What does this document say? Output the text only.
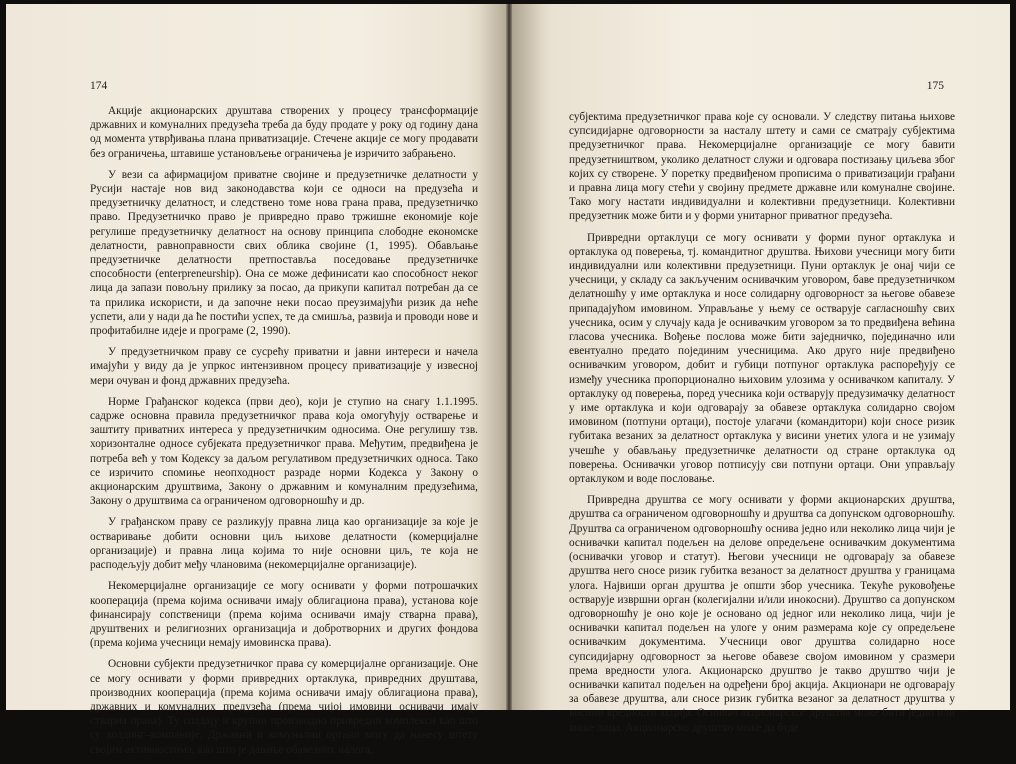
174

Акције акционарских друштава створених у процесу трансформације државних и комуналних предузећа треба да буду продате у року од годину дана од момента утврђивања плана приватизације. Стечене акције се могу продавати без ограничења, штавише установљење ограничења је изричито забрањено.

У вези са афирмацијом приватне својине и предузетничке делатности у Русији настаје нов вид законодавства који се односи на предузећа и предузетничку делатност, и следствено томе нова грана права, предузетничко право. Предузетничко право је привредно право тржишне економије које регулише предузетничку делатност на основу принципа слободне економске делатности, равноправности свих облика својине (1, 1995). Обављање предузетничке делатности претпоставља поседовање предузетничке способности (enterpreneurship). Она се може дефинисати као способност неког лица да запази повољну прилику за посао, да прикупи капитал потребан да се та прилика искористи, и да започне неки посао преузимајући ризик да неће успети, али у нади да ће постићи успех, те да смишља, развија и проводи нове и профитабилне идеје и програме (2, 1990).

У предузетничком праву се сусрећу приватни и јавни интереси и начела имајући у виду да је упркос интензивном процесу приватизације у извесној мери очуван и фонд државних предузећа.

Норме Грађанског кодекса (први део), који је ступио на снагу 1.1.1995. садрже основна правила предузетничког права која омогућују остварење и заштиту приватних интереса у предузетничким односима. Оне регулишу тзв. хоризонталне односе субјеката предузетничког права. Међутим, предвиђена је потреба већ у том Кодексу за даљом регулативом предузетничких односа. Тако се изричито спомиње неопходност разраде норми Кодекса у Закону о акционарским друштвима, Закону о државним и комуналним предузећима, Закону о друштвима са ограниченом одговорношћу и др.

У грађанском праву се разликују правна лица као организације за које је остваривање добити основни циљ њихове делатности (комерцијалне организације) и правна лица којима то није основни циљ, те која не расподељују добит међу члановима (некомерцијалне организације).

Некомерцијалне организације се могу оснивати у форми потрошачких кооперација (према којима оснивачи имају облигациона права), установа које финансирају сопственици (према којима оснивачи имају стварна права), друштвених и религиозних организација и добротворних и других фондова (према којима учесници немају имовинска права).

Основни субјекти предузетничког права су комерцијалне организације. Оне се могу оснивати у форми привредних ортаклука, привредних друштава, производних кооперација (према којима оснивачи имају облигациона права), државних и комуналних предузећа (према чијој имовини оснивачи имају стварна права). Ту спадају и крупни производно привредни комплекси као што су холдинг–компаније. Државни и комунални органи могу да нанесу штету својим активностима, као што је давање обавезних налога,

175

субјектима предузетничког права које су основали. У следству питања њихове супсидијарне одговорности за насталу штету и сами се сматрају субјектима предузетничког права. Некомерцијалне организације се могу бавити предузетништвом, уколико делатност служи и одговара постизању циљева због којих су створене. У поретку предвиђеном прописима о приватизацији грађани и правна лица могу стећи у својину предмете државне или комуналне својине. Тако могу настати индивидуални и колективни предузетници. Колективни предузетник може бити и у форми унитарног приватног предузећа.

Привредни ортаклуци се могу оснивати у форми пуног ортаклука и ортаклука од поверења, тј. командитног друштва. Њихови учесници могу бити индивидуални или колективни предузетници. Пуни ортаклук је онај чији се учесници, у складу са закљученим оснивачким уговором, баве предузетничком делатношћу у име ортаклука и носе солидарну одговорност за његове обавезе припадајућом имовином. Управљање у њему се остварује сагласношћу свих учесника, осим у случају када је оснивачким уговором за то предвиђена већина гласова учесника. Вођење послова може бити заједничко, појединачно или евентуално предато појединим учесницима. Ако друго није предвиђено оснивачким уговором, добит и губици потпуног ортаклука распоређују се између учесника пропорционално њиховим улозима у оснивачком капиталу. У ортаклуку од поверења, поред учесника који остварују предузимачку делатност у име ортаклука и који одговарају за обавезе ортаклука солидарно својом имовином (потпуни ортаци), постоје улагачи (командитори) који сносе ризик губитака везаних за делатност ортаклука у висини унетих улога и не узимају учешће у обављању предузетничке делатности од стране ортаклука од поверења. Оснивачки уговор потписују сви потпуни ортаци. Они управљају ортаклуком и воде пословање.

Привредна друштва се могу оснивати у форми акционарских друштва, друштва са ограниченом одговорношћу и друштва са допунском одговорношћу. Друштва са ограниченом одговорношћу оснива једно или неколико лица чији је оснивачки капитал подељен на делове опредељене оснивачким документима (оснивачки уговор и статут). Његови учесници не одговарају за обавезе друштва него сносе ризик губитка везаност за делатност друштва у границама улога. Највиши орган друштва је општи збор учесника. Текуће руковођење остварује извршни орган (колегијални и/или инокосни). Друштво са допунском одговорношћу је оно које је основано од једног или неколико лица, чији је оснивачки капитал подељен на улоге у оним размерама које су опредељене оснивачким документима. Учесници овог друштва солидарно носе супсидијарну одговорност за његове обавезе својом имовином у сразмери према вредности улога. Акционарско друштво је такво друштво чији је оснивачки капитал подељен на одређени број акција. Акционари не одговарају за обавезе друштва, али сносе ризик губитка везаног за делатност друштва у висини вредности акција. Оснивач акционарског друштва може бити једно или више лица. Акционарско друштво може да буде
